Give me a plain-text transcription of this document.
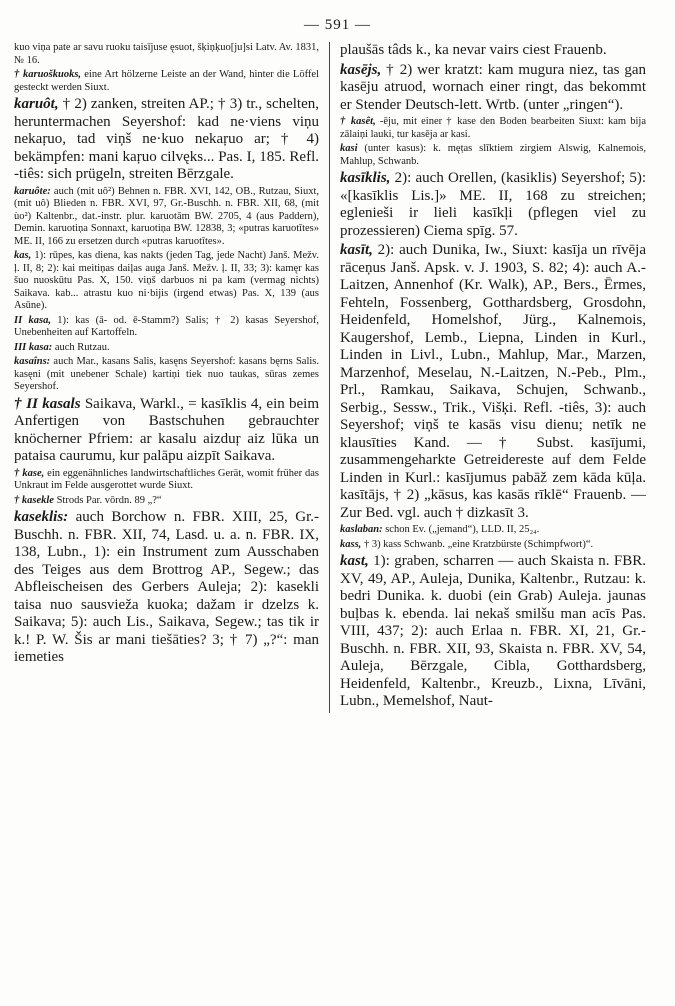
— 591 —

kuo viņa pate ar savu ruoku taisījuse ęsuot, šķiņķuo[ju]si Latv. Av. 1831, № 16.

† karuoškuoks, eine Art hölzerne Leiste an der Wand, hinter die Löffel gesteckt werden Siuxt.

karuôt, † 2) zanken, streiten AP.; † 3) tr., schelten, heruntermachen Seyershof: kad ne·viens viņu nekaŗuo, tad viņš ne·kuo nekaŗuo ar; † 4) bekämpfen: mani kaŗuo cilvęks... Pas. I, 185. Refl. -tiês: sich prügeln, streiten Bērzgale.

karuôte: auch (mit uô²) Behnen n. FBR. XVI, 142, OB., Rutzau, Siuxt, (mit uô) Blieden n. FBR. XVI, 97, Gr.-Buschh. n. FBR. XII, 68, (mit ùo²) Kaltenbr., dat.-instr. plur. karuotām BW. 2705, 4 (aus Paddern), Demin. karuotiņa Sonnaxt, karuotiņa BW. 12838, 3; «putras karuotītes» ME. II, 166 zu ersetzen durch «putras karuotītes».

kas, 1): rūpes, kas diena, kas nakts (jeden Tag, jede Nacht) Janš. Mežv. ļ. II, 8; 2): kai meitiņas daiļas auga Janš. Mežv. ļ. II, 33; 3): kamęr kas šuo nuoskūtu Pas. X, 150. viņš darbuos ni pa kam (vermag nichts) Saikava. kab... atrastu kuo ni·bijis (irgend etwas) Pas. X, 139 (aus Asūne).

II kasa, 1): kas (ā- od. ē-Stamm?) Salis; † 2) kasas Seyershof, Unebenheiten auf Kartoffeln.

III kasa: auch Rutzau.

kasaîns: auch Mar., kasans Salis, kasęns Seyershof: kasans bęrns Salis. kasęni (mit unebener Schale) kartiņi tiek nuo taukas, sūras zemes Seyershof.

† II kasals Saikava, Warkl., = kasīklis 4, ein beim Anfertigen von Bastschuhen gebrauchter knöcherner Pfriem: ar kasalu aizduŗ aiz lūka un pataisa caurumu, kur palāpu aizpīt Saikava.

† kase, ein eggenähnliches landwirtschaftliches Gerät, womit früher das Unkraut im Felde ausgerottet wurde Siuxt.

† kasekle Strods Par. vōrdn. 89 „?“

kaseklis: auch Borchow n. FBR. XIII, 25, Gr.-Buschh. n. FBR. XII, 74, Lasd. u. a. n. FBR. IX, 138, Lubn., 1): ein Instrument zum Ausschaben des Teiges aus dem Brottrog AP., Segew.; das Abfleischeisen des Gerbers Auleja; 2): kasekli taisa nuo sausvieža kuoka; dažam ir dzelzs k. Saikava; 5): auch Lis., Saikava, Segew.; tas tik ir k.! P. W. Šis ar mani tiešāties? 3; † 7) „?“: man iemeties

plaušās tâds k., ka nevar vairs ciest Frauenb.

kasējs, † 2) wer kratzt: kam mugura niez, tas gan kasēju atruod, wornach einer ringt, das bekommt er Stender Deutsch-lett. Wrtb. (unter „ringen“).

† kasêt, -ēju, mit einer † kase den Boden bearbeiten Siuxt: kam bija zālaiņi lauki, tur kasēja ar kasi.

kasi (unter kasus): k. męṭas slīktiem zirgiem Alswig, Kalnemois, Mahlup, Schwanb.

kasīklis, 2): auch Orellen, (kasiklis) Seyershof; 5): «[kasīklis Lis.]» ME. II, 168 zu streichen; eglenieši ir lieli kasīkļi (pflegen viel zu prozessieren) Ciema spīg. 57.

kasīt, 2): auch Dunika, Iw., Siuxt: kasīja un rīvēja rāceņus Janš. Apsk. v. J. 1903, S. 82; 4): auch A.-Laitzen, Annenhof (Kr. Walk), AP., Bers., Ērmes, Fehteln, Fossenberg, Gotthardsberg, Grosdohn, Heidenfeld, Homelshof, Jürg., Kalnemois, Kaugershof, Lemb., Liepna, Linden in Kurl., Linden in Livl., Lubn., Mahlup, Mar., Marzen, Marzenhof, Meselau, N.-Laitzen, N.-Peb., Plm., Prl., Ramkau, Saikava, Schujen, Schwanb., Serbig., Sessw., Trik., Višķi. Refl. -tiês, 3): auch Seyershof; viņš te kasās visu dienu; netīk ne klausīties Kand. — † Subst. kasījumi, zusammengeharkte Getreidereste auf dem Felde Linden in Kurl.: kasījumus pabāž zem kāda kūļa. kasītājs, † 2) „kāsus, kas kasās rīklē“ Frauenb. — Zur Bed. vgl. auch † dizkasīt 3.

kaslaban: schon Ev. („jemand“), LLD. II, 25₂₄.

kass, † 3) kass Schwanb. „eine Kratzbürste (Schimpfwort)“.

kast, 1): graben, scharren — auch Skaista n. FBR. XV, 49, AP., Auleja, Dunika, Kaltenbr., Rutzau: k. bedri Dunika. k. duobi (ein Grab) Auleja. jaunas buļbas k. ebenda. lai nekaš smilšu man acīs Pas. VIII, 437; 2): auch Erlaa n. FBR. XI, 21, Gr.-Buschh. n. FBR. XII, 93, Skaista n. FBR. XV, 54, Auleja, Bērzgale, Cibla, Gotthardsberg, Heidenfeld, Kaltenbr., Kreuzb., Lixna, Līvāni, Lubn., Memelshof, Naut-
